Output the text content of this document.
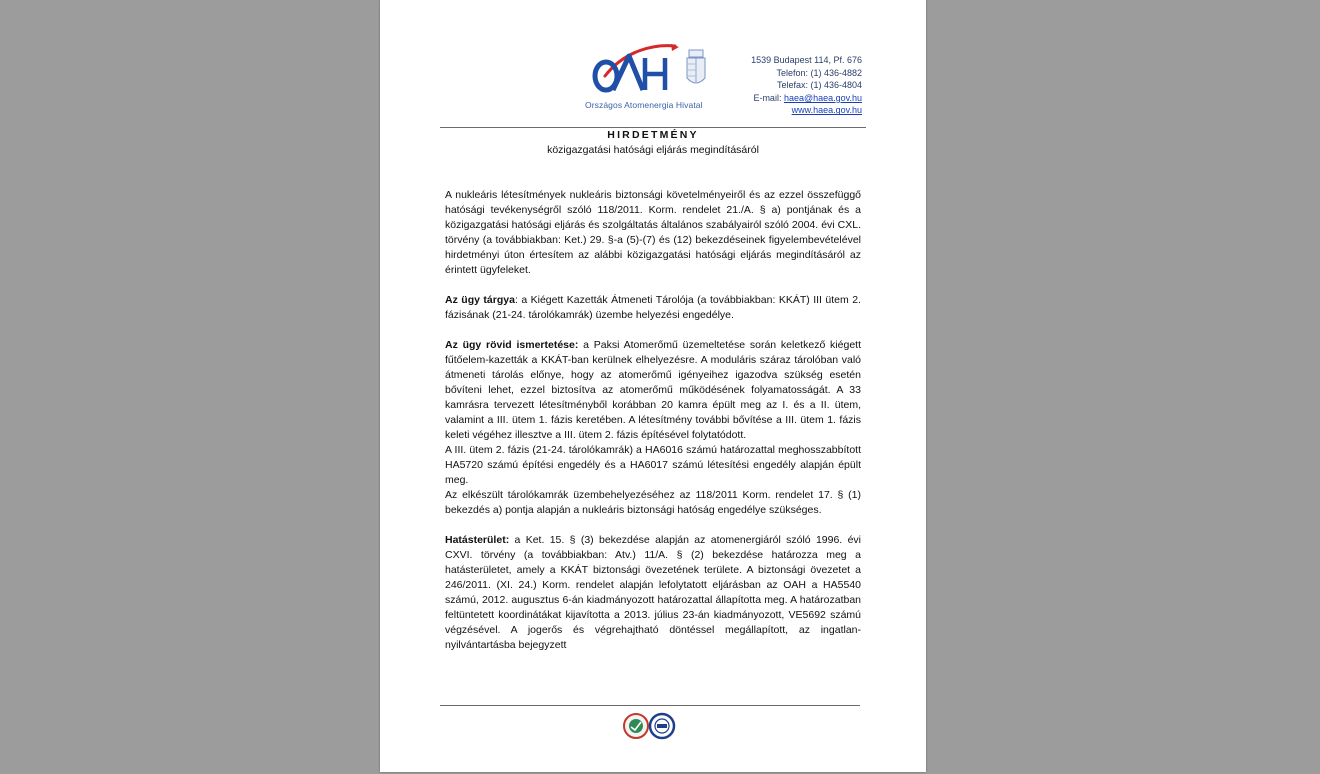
Országos Atomenergia Hivatal
1539 Budapest 114, Pf. 676
Telefon: (1) 436-4882
Telefax: (1) 436-4804
E-mail: haea@haea.gov.hu
www.haea.gov.hu
HIRDETMÉNY
közigazgatási hatósági eljárás megindításáról

A nukleáris létesítmények nukleáris biztonsági követelményeiről és az ezzel összefüggő hatósági tevékenységről szóló 118/2011. Korm. rendelet 21./A. § a) pontjának és a közigazgatási hatósági eljárás és szolgáltatás általános szabályairól szóló 2004. évi CXL. törvény (a továbbiakban: Ket.) 29. §-a (5)-(7) és (12) bekezdéseinek figyelembevételével hirdetményi úton értesítem az alábbi közigazgatási hatósági eljárás megindításáról az érintett ügyfeleket.

Az ügy tárgya: a Kiégett Kazetták Átmeneti Tárolója (a továbbiakban: KKÁT) III ütem 2. fázisának (21-24. tárolókamrák) üzembe helyezési engedélye.

Az ügy rövid ismertetése: a Paksi Atomerőmű üzemeltetése során keletkező kiégett fűtőelem-kazetták a KKÁT-ban kerülnek elhelyezésre. A moduláris száraz tárolóban való átmeneti tárolás előnye, hogy az atomerőmű igényeihez igazodva szükség esetén bővíteni lehet, ezzel biztosítva az atomerőmű működésének folyamatosságát. A 33 kamrásra tervezett létesítményből korábban 20 kamra épült meg az I. és a II. ütem, valamint a III. ütem 1. fázis keretében. A létesítmény további bővítése a III. ütem 1. fázis keleti végéhez illesztve a III. ütem 2. fázis építésével folytatódott.

A III. ütem 2. fázis (21-24. tárolókamrák) a HA6016 számú határozattal meghosszabbított HA5720 számú építési engedély és a HA6017 számú létesítési engedély alapján épült meg.

Az elkészült tárolókamrák üzembehelyezéséhez az 118/2011 Korm. rendelet 17. § (1) bekezdés a) pontja alapján a nukleáris biztonsági hatóság engedélye szükséges.

Hatásterület: a Ket. 15. § (3) bekezdése alapján az atomenergiáról szóló 1996. évi CXVI. törvény (a továbbiakban: Atv.) 11/A. § (2) bekezdése határozza meg a hatásterületet, amely a KKÁT biztonsági övezetének területe. A biztonsági övezetet a 246/2011. (XI. 24.) Korm. rendelet alapján lefolytatott eljárásban az OAH a HA5540 számú, 2012. augusztus 6-án kiadmányozott határozattal állapította meg. A határozatban feltüntetett koordinátákat kijavította a 2013. július 23-án kiadmányozott, VE5692 számú végzésével. A jogerős és végrehajtható döntéssel megállapított, az ingatlan-nyilvántartásba bejegyzett
